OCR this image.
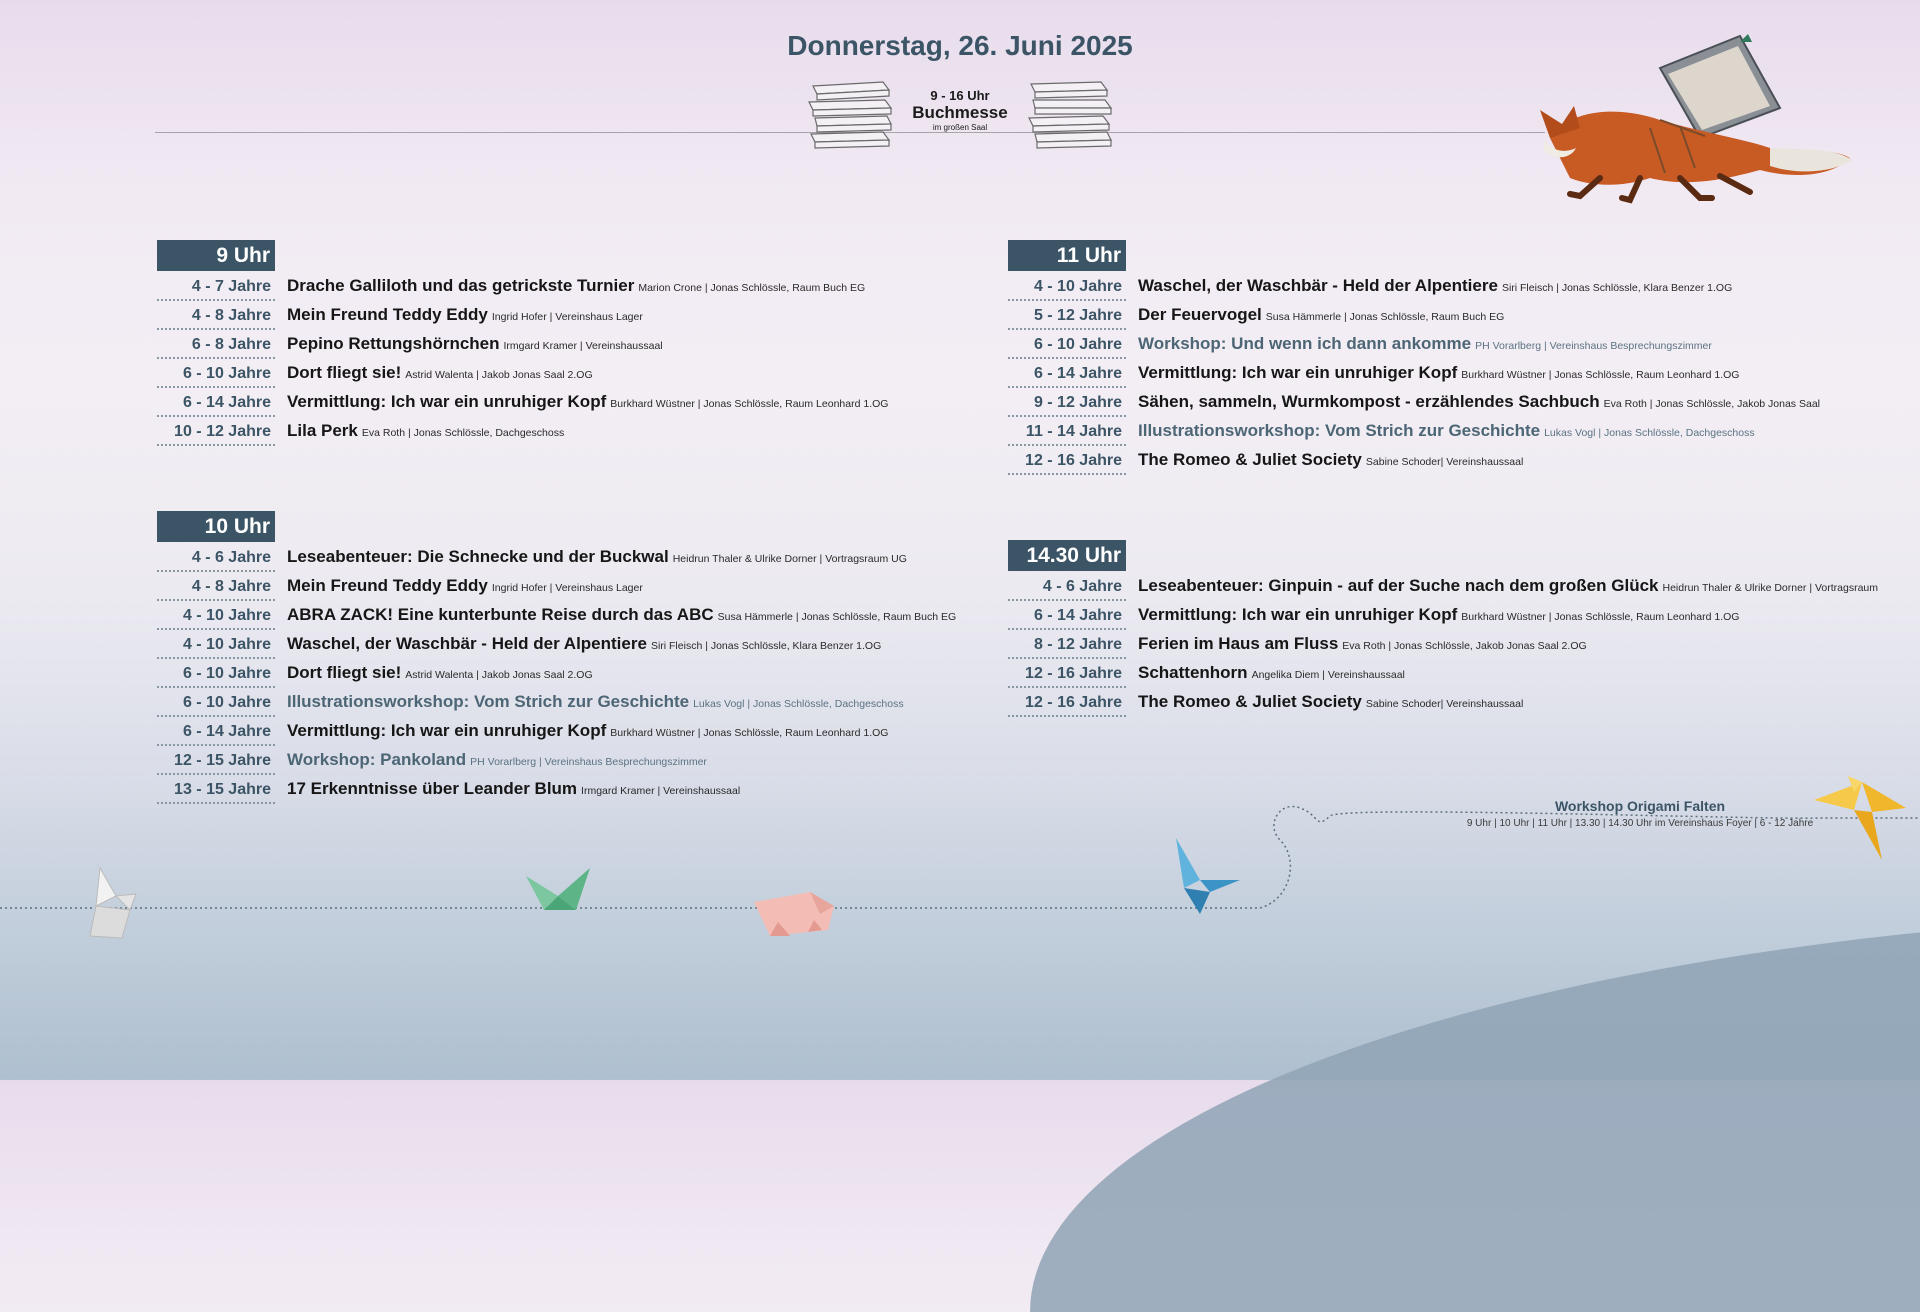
Donnerstag, 26. Juni 2025
9 - 16 Uhr
Buchmesse
im großen Saal
9 Uhr
4 - 7 Jahre Drache Galliloth und das getrickste Turnier Marion Crone | Jonas Schlössle, Raum Buch EG
4 - 8 Jahre Mein Freund Teddy Eddy Ingrid Hofer | Vereinshaus Lager
6 - 8 Jahre Pepino Rettungshörnchen Irmgard Kramer | Vereinshaussaal
6 - 10 Jahre Dort fliegt sie! Astrid Walenta | Jakob Jonas Saal 2.OG
6 - 14 Jahre Vermittlung: Ich war ein unruhiger Kopf Burkhard Wüstner | Jonas Schlössle, Raum Leonhard 1.OG
10 - 12 Jahre Lila Perk Eva Roth | Jonas Schlössle, Dachgeschoss
10 Uhr
4 - 6 Jahre Leseabenteuer: Die Schnecke und der Buckwal Heidrun Thaler & Ulrike Dorner | Vortragsraum UG
4 - 8 Jahre Mein Freund Teddy Eddy Ingrid Hofer | Vereinshaus Lager
4 - 10 Jahre ABRA ZACK! Eine kunterbunte Reise durch das ABC Susa Hämmerle | Jonas Schlössle, Raum Buch EG
4 - 10 Jahre Waschel, der Waschbär - Held der Alpentiere Siri Fleisch | Jonas Schlössle, Klara Benzer 1.OG
6 - 10 Jahre Dort fliegt sie! Astrid Walenta | Jakob Jonas Saal 2.OG
6 - 10 Jahre Illustrationsworkshop: Vom Strich zur Geschichte Lukas Vogl | Jonas Schlössle, Dachgeschoss
6 - 14 Jahre Vermittlung: Ich war ein unruhiger Kopf Burkhard Wüstner | Jonas Schlössle, Raum Leonhard 1.OG
12 - 15 Jahre Workshop: Pankoland PH Vorarlberg | Vereinshaus Besprechungszimmer
13 - 15 Jahre 17 Erkenntnisse über Leander Blum Irmgard Kramer | Vereinshaussaal
11 Uhr
4 - 10 Jahre Waschel, der Waschbär - Held der Alpentiere Siri Fleisch | Jonas Schlössle, Klara Benzer 1.OG
5 - 12 Jahre Der Feuervogel Susa Hämmerle | Jonas Schlössle, Raum Buch EG
6 - 10 Jahre Workshop: Und wenn ich dann ankomme PH Vorarlberg | Vereinshaus Besprechungszimmer
6 - 14 Jahre Vermittlung: Ich war ein unruhiger Kopf Burkhard Wüstner | Jonas Schlössle, Raum Leonhard 1.OG
9 - 12 Jahre Sähen, sammeln, Wurmkompost - erzählendes Sachbuch Eva Roth | Jonas Schlössle, Jakob Jonas Saal
11 - 14 Jahre Illustrationsworkshop: Vom Strich zur Geschichte Lukas Vogl | Jonas Schlössle, Dachgeschoss
12 - 16 Jahre The Romeo & Juliet Society Sabine Schoder| Vereinshaussaal
14.30 Uhr
4 - 6 Jahre Leseabenteuer: Ginpuin - auf der Suche nach dem großen Glück Heidrun Thaler & Ulrike Dorner | Vortragsraum
6 - 14 Jahre Vermittlung: Ich war ein unruhiger Kopf Burkhard Wüstner | Jonas Schlössle, Raum Leonhard 1.OG
8 - 12 Jahre Ferien im Haus am Fluss Eva Roth | Jonas Schlössle, Jakob Jonas Saal 2.OG
12 - 16 Jahre Schattenhorn Angelika Diem | Vereinshaussaal
12 - 16 Jahre The Romeo & Juliet Society Sabine Schoder| Vereinshaussaal
Workshop Origami Falten
9 Uhr | 10 Uhr | 11 Uhr | 13.30 | 14.30 Uhr im Vereinshaus Foyer | 6 - 12 Jahre
